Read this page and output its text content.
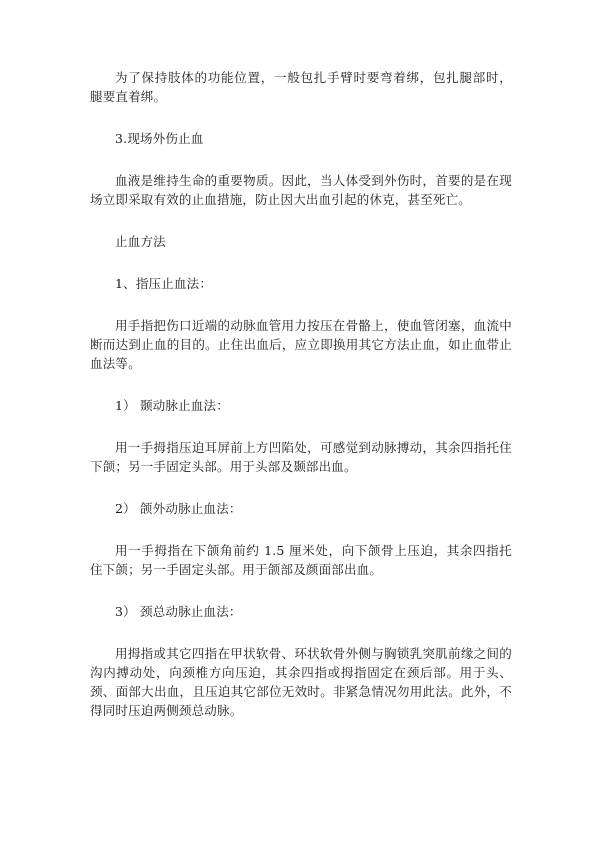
为了保持肢体的功能位置，一般包扎手臂时要弯着绑，包扎腿部时， 腿要直着绑。

3.现场外伤止血

血液是维持生命的重要物质。因此，当人体受到外伤时，首要的是在现场立即采取有效的止血措施，防止因大出血引起的休克，甚至死亡。

止血方法

1、指压止血法：

用手指把伤口近端的动脉血管用力按压在骨骼上，使血管闭塞，血流中断而达到止血的目的。止住出血后，应立即换用其它方法止血，如止血带止血法等。

1） 颞动脉止血法：

用一手拇指压迫耳屏前上方凹陷处，可感觉到动脉搏动，其余四指托住下颌；另一手固定头部。用于头部及颞部出血。

2） 颌外动脉止血法：

用一手拇指在下颌角前约 1.5 厘米处，向下颌骨上压迫，其余四指托住下颌；另一手固定头部。用于颌部及颜面部出血。

3） 颈总动脉止血法：

用拇指或其它四指在甲状软骨、环状软骨外侧与胸锁乳突肌前缘之间的沟内搏动处，向颈椎方向压迫，其余四指或拇指固定在颈后部。用于头、颈、面部大出血，且压迫其它部位无效时。非紧急情况勿用此法。此外，不得同时压迫两侧颈总动脉。
